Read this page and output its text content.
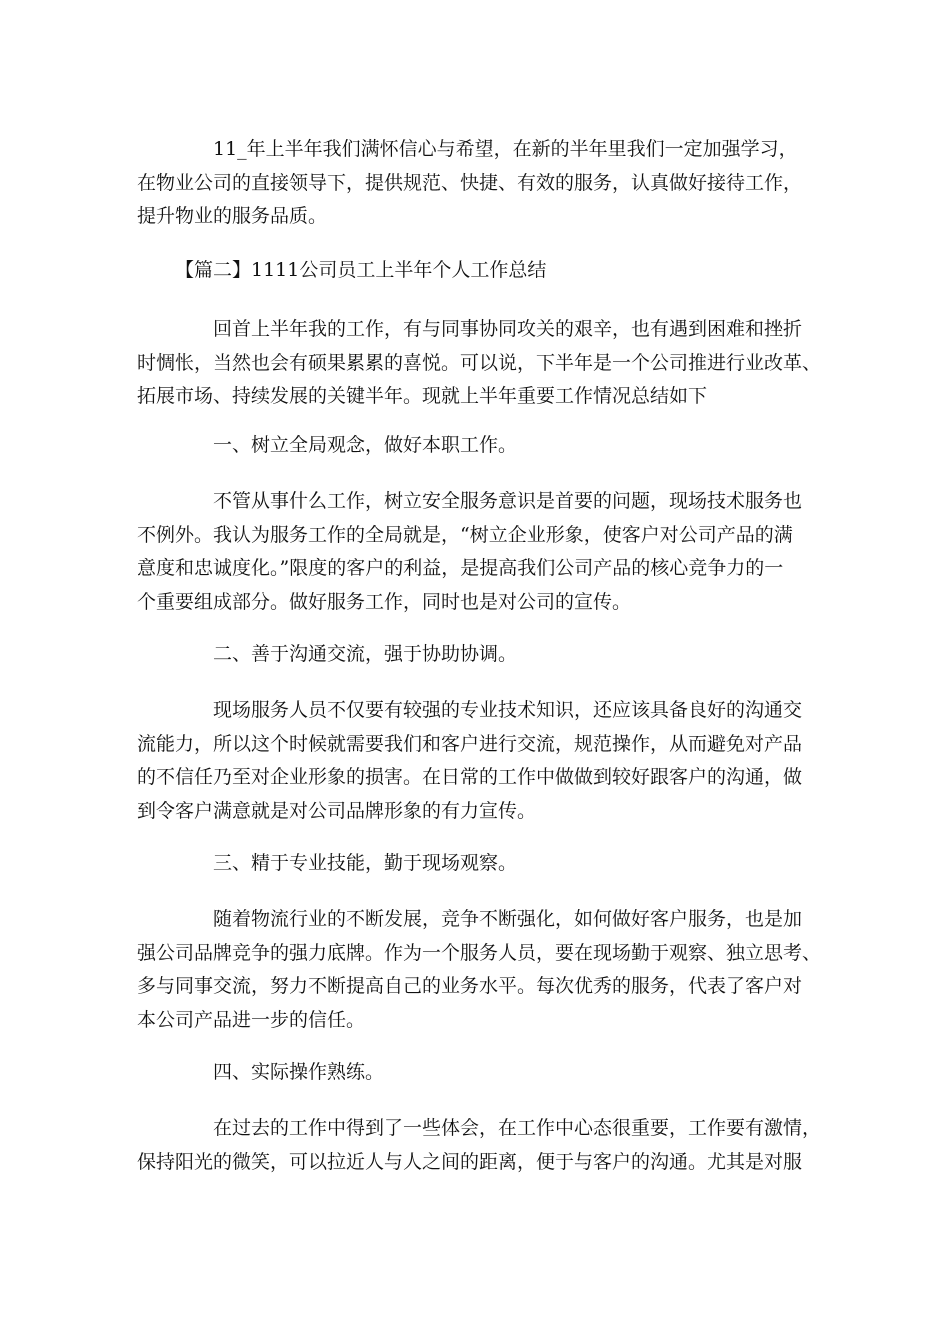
11_年上半年我们满怀信心与希望，在新的半年里我们一定加强学习，
在物业公司的直接领导下，提供规范、快捷、有效的服务，认真做好接待工作，
提升物业的服务品质。
【篇二】1111公司员工上半年个人工作总结
回首上半年我的工作，有与同事协同攻关的艰辛，也有遇到困难和挫折
时惆怅，当然也会有硕果累累的喜悦。可以说，下半年是一个公司推进行业改革、
拓展市场、持续发展的关键半年。现就上半年重要工作情况总结如下
一、树立全局观念，做好本职工作。
不管从事什么工作，树立安全服务意识是首要的问题，现场技术服务也
不例外。我认为服务工作的全局就是，“树立企业形象，使客户对公司产品的满
意度和忠诚度化。”限度的客户的利益，是提高我们公司产品的核心竞争力的一
个重要组成部分。做好服务工作，同时也是对公司的宣传。
二、善于沟通交流，强于协助协调。
现场服务人员不仅要有较强的专业技术知识，还应该具备良好的沟通交
流能力，所以这个时候就需要我们和客户进行交流，规范操作，从而避免对产品
的不信任乃至对企业形象的损害。在日常的工作中做做到较好跟客户的沟通，做
到令客户满意就是对公司品牌形象的有力宣传。
三、精于专业技能，勤于现场观察。
随着物流行业的不断发展，竞争不断强化，如何做好客户服务，也是加
强公司品牌竞争的强力底牌。作为一个服务人员，要在现场勤于观察、独立思考、
多与同事交流，努力不断提高自己的业务水平。每次优秀的服务，代表了客户对
本公司产品进一步的信任。
四、实际操作熟练。
在过去的工作中得到了一些体会，在工作中心态很重要，工作要有激情，
保持阳光的微笑，可以拉近人与人之间的距离，便于与客户的沟通。尤其是对服
